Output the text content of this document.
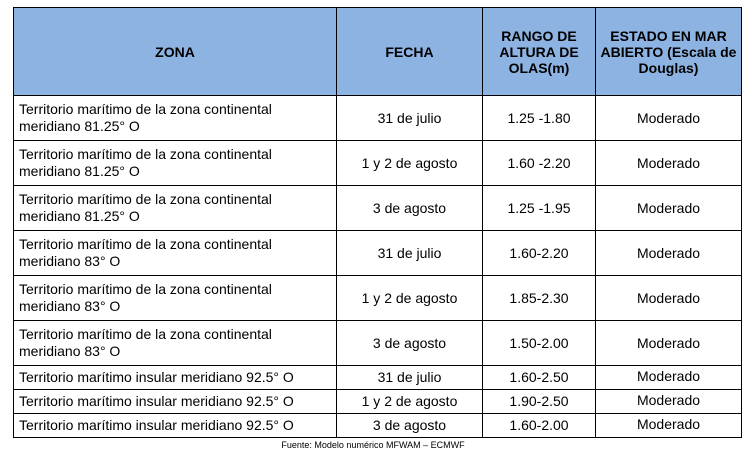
ZONA	FECHA	RANGO DE ALTURA DE OLAS(m)	ESTADO EN MAR ABIERTO (Escala de Douglas)
Territorio marítimo de la zona continental meridiano 81.25° O	31 de julio	1.25 -1.80	Moderado
Territorio marítimo de la zona continental meridiano 81.25° O	1 y 2 de agosto	1.60 -2.20	Moderado
Territorio marítimo de la zona continental meridiano 81.25° O	3 de agosto	1.25 -1.95	Moderado
Territorio marítimo de la zona continental meridiano 83° O	31 de julio	1.60-2.20	Moderado
Territorio marítimo de la zona continental meridiano 83° O	1 y 2 de agosto	1.85-2.30	Moderado
Territorio marítimo de la zona continental meridiano 83° O	3 de agosto	1.50-2.00	Moderado
Territorio marítimo insular meridiano 92.5° O	31 de julio	1.60-2.50	Moderado
Territorio marítimo insular meridiano 92.5° O	1 y 2 de agosto	1.90-2.50	Moderado
Territorio marítimo insular meridiano 92.5° O	3 de agosto	1.60-2.00	Moderado
Fuente: Modelo numérico MFWAM – ECMWF
